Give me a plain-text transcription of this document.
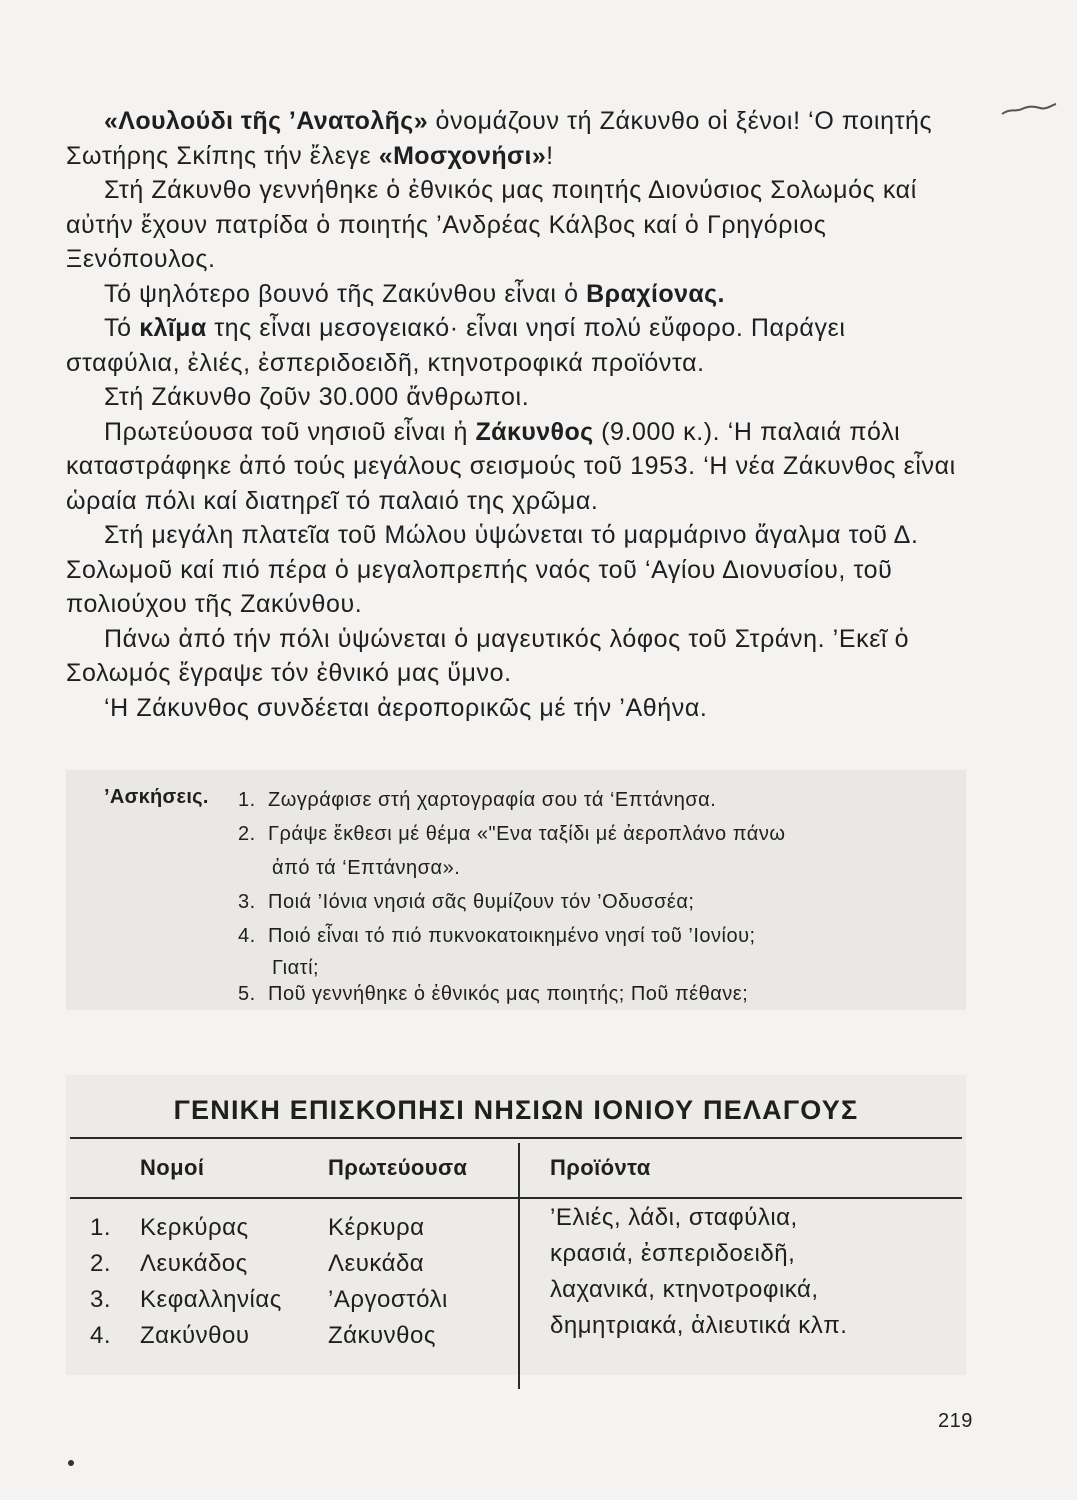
«Λουλούδι τῆς ’Ανατολῆς» ὀνομάζουν τή Ζάκυνθο οἱ ξένοι! ‘Ο ποιητής Σωτήρης Σκίπης τήν ἔλεγε «Μοσχονήσι»!

Στή Ζάκυνθο γεννήθηκε ὁ ἐθνικός μας ποιητής Διονύσιος Σολωμός καί αὐτήν ἔχουν πατρίδα ὁ ποιητής ’Ανδρέας Κάλβος καί ὁ Γρηγόριος Ξενόπουλος.

Τό ψηλότερο βουνό τῆς Ζακύνθου εἶναι ὁ Βραχίονας.

Τό κλῖμα της εἶναι μεσογειακό· εἶναι νησί πολύ εὔφορο. Παράγει σταφύλια, ἐλιές, ἐσπεριδοειδῆ, κτηνοτροφικά προϊόντα.

Στή Ζάκυνθο ζοῦν 30.000 ἄνθρωποι.

Πρωτεύουσα τοῦ νησιοῦ εἶναι ἡ Ζάκυνθος (9.000 κ.). ‘Η παλαιά πόλι καταστράφηκε ἀπό τούς μεγάλους σεισμούς τοῦ 1953. ‘Η νέα Ζάκυνθος εἶναι ὡραία πόλι καί διατηρεῖ τό παλαιό της χρῶμα.

Στή μεγάλη πλατεῖα τοῦ Μώλου ὑψώνεται τό μαρμάρινο ἄγαλμα τοῦ Δ. Σολωμοῦ καί πιό πέρα ὁ μεγαλοπρεπής ναός τοῦ ‘Αγίου Διονυσίου, τοῦ πολιούχου τῆς Ζακύνθου.

Πάνω ἀπό τήν πόλι ὑψώνεται ὁ μαγευτικός λόφος τοῦ Στράνη. ’Εκεῖ ὁ Σολωμός ἔγραψε τόν ἐθνικό μας ὕμνο.

‘Η Ζάκυνθος συνδέεται ἀεροπορικῶς μέ τήν ’Αθήνα.

’Ασκήσεις. 1. Ζωγράφισε στή χαρτογραφία σου τά ‘Επτάνησα.
2. Γράψε ἔκθεσι μέ θέμα «"Ενα ταξίδι μέ ἀεροπλάνο πάνω
ἀπό τά ‘Επτάνησα».
3. Ποιά ’Ιόνια νησιά σᾶς θυμίζουν τόν ’Οδυσσέα;
4. Ποιό εἶναι τό πιό πυκνοκατοικημένο νησί τοῦ ’Ιονίου;
Γιατί;
5. Ποῦ γεννήθηκε ὁ ἐθνικός μας ποιητής; Ποῦ πέθανε;
ΓΕΝΙΚΗ ΕΠΙΣΚΟΠΗΣΙ ΝΗΣΙΩΝ ΙΟΝΙΟΥ ΠΕΛΑΓΟΥΣ
Νομοί	Πρωτεύουσα	Προϊόντα
1. Κερκύρας	Κέρκυρα
2. Λευκάδος	Λευκάδα
3. Κεφαλληνίας ’Αργοστόλι
4. Ζακύνθου	Ζάκυνθος
’Ελιές, λάδι, σταφύλια,
κρασιά, ἐσπεριδοειδῆ,
λαχανικά, κτηνοτροφικά,
δημητριακά, ἁλιευτικά κλπ.
219
